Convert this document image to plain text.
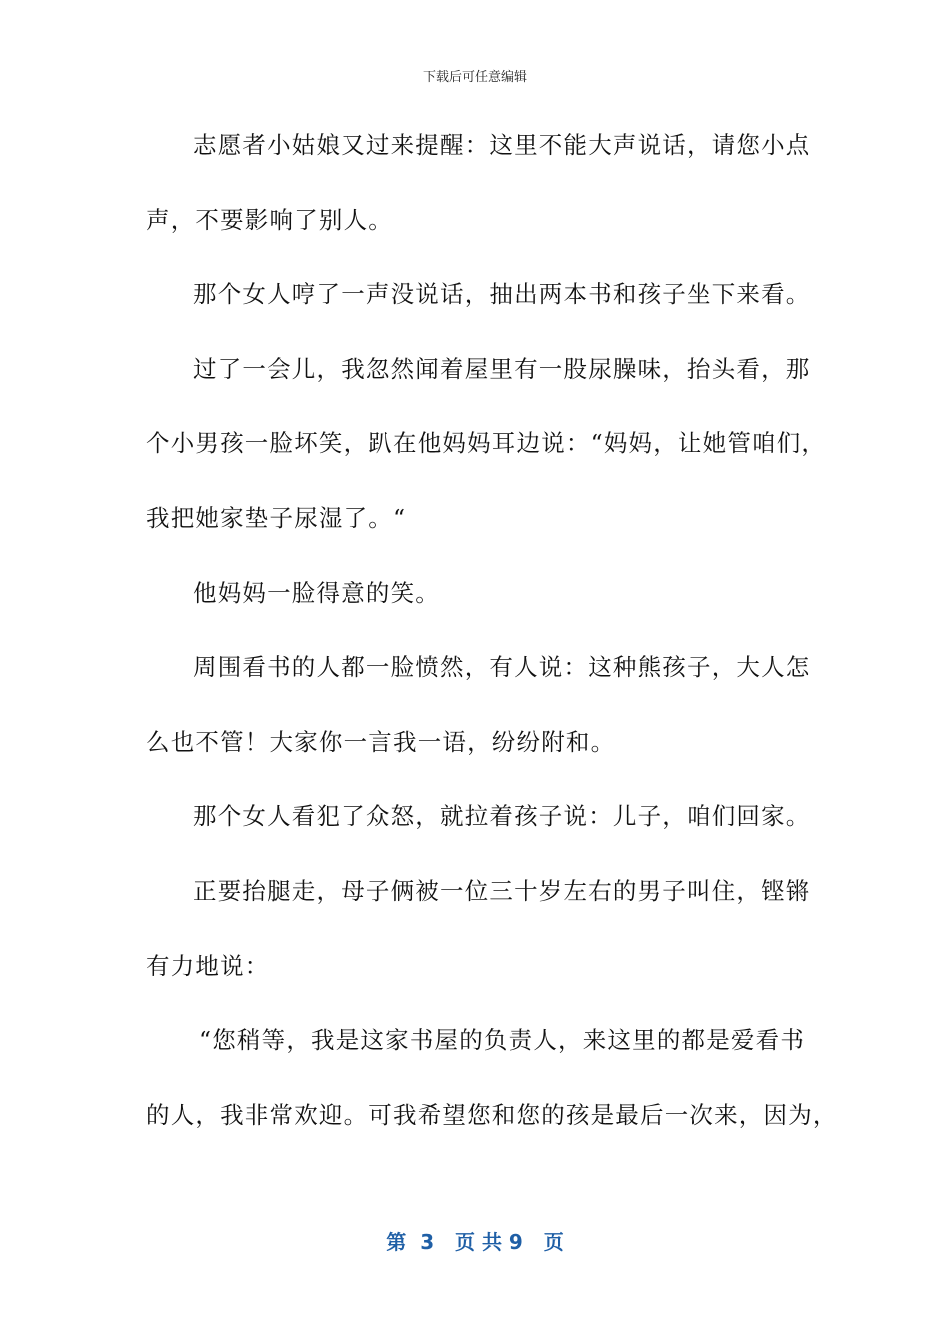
下载后可任意编辑
志愿者小姑娘又过来提醒：这里不能大声说话，请您小点
声，不要影响了别人。
那个女人哼了一声没说话，抽出两本书和孩子坐下来看。
过了一会儿，我忽然闻着屋里有一股尿臊味，抬头看，那
个小男孩一脸坏笑，趴在他妈妈耳边说：“妈妈，让她管咱们，
我把她家垫子尿湿了。“
他妈妈一脸得意的笑。
周围看书的人都一脸愤然，有人说：这种熊孩子，大人怎
么也不管！大家你一言我一语，纷纷附和。
那个女人看犯了众怒，就拉着孩子说：儿子，咱们回家。
正要抬腿走，母子俩被一位三十岁左右的男子叫住，铿锵
有力地说：
“您稍等，我是这家书屋的负责人，来这里的都是爱看书
的人，我非常欢迎。可我希望您和您的孩是最后一次来，因为，
第  3   页 共 9   页
